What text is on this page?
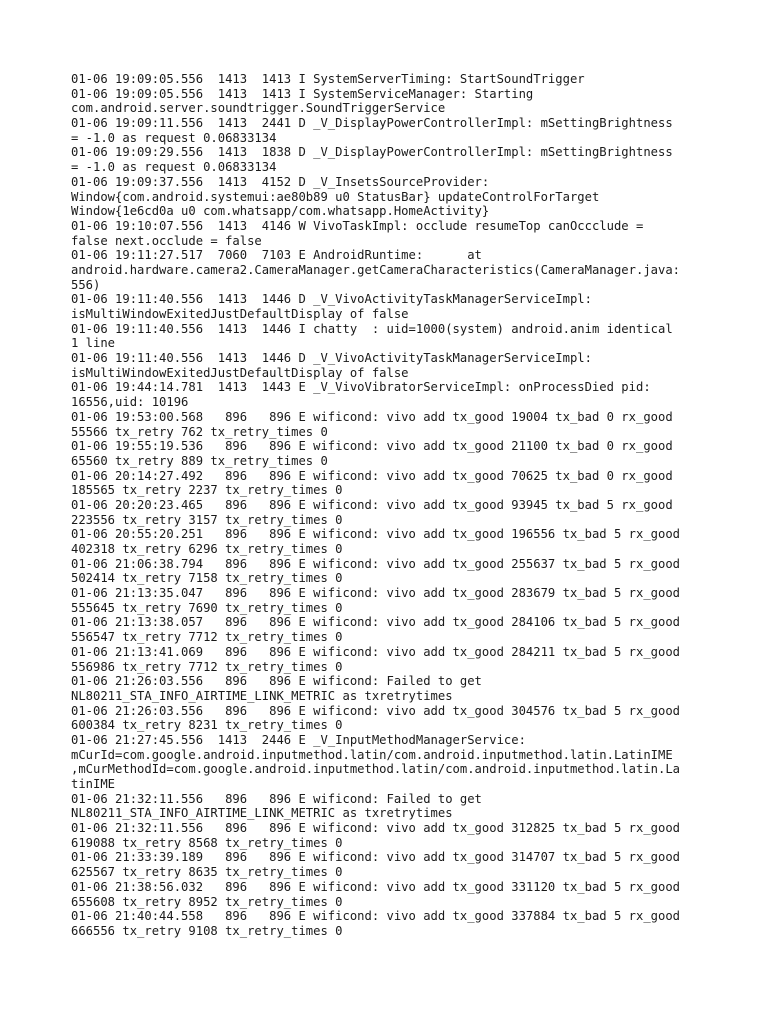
01-06 19:09:05.556  1413  1413 I SystemServerTiming: StartSoundTrigger
01-06 19:09:05.556  1413  1413 I SystemServiceManager: Starting
com.android.server.soundtrigger.SoundTriggerService
01-06 19:09:11.556  1413  2441 D _V_DisplayPowerControllerImpl: mSettingBrightness
= -1.0 as request 0.06833134
01-06 19:09:29.556  1413  1838 D _V_DisplayPowerControllerImpl: mSettingBrightness
= -1.0 as request 0.06833134
01-06 19:09:37.556  1413  4152 D _V_InsetsSourceProvider:
Window{com.android.systemui:ae80b89 u0 StatusBar} updateControlForTarget
Window{1e6cd0a u0 com.whatsapp/com.whatsapp.HomeActivity}
01-06 19:10:07.556  1413  4146 W VivoTaskImpl: occlude resumeTop canOccclude =
false next.occlude = false
01-06 19:11:27.517  7060  7103 E AndroidRuntime:      at
android.hardware.camera2.CameraManager.getCameraCharacteristics(CameraManager.java:
556)
01-06 19:11:40.556  1413  1446 D _V_VivoActivityTaskManagerServiceImpl:
isMultiWindowExitedJustDefaultDisplay of false
01-06 19:11:40.556  1413  1446 I chatty  : uid=1000(system) android.anim identical
1 line
01-06 19:11:40.556  1413  1446 D _V_VivoActivityTaskManagerServiceImpl:
isMultiWindowExitedJustDefaultDisplay of false
01-06 19:44:14.781  1413  1443 E _V_VivoVibratorServiceImpl: onProcessDied pid:
16556,uid: 10196
01-06 19:53:00.568   896   896 E wificond: vivo add tx_good 19004 tx_bad 0 rx_good
55566 tx_retry 762 tx_retry_times 0
01-06 19:55:19.536   896   896 E wificond: vivo add tx_good 21100 tx_bad 0 rx_good
65560 tx_retry 889 tx_retry_times 0
01-06 20:14:27.492   896   896 E wificond: vivo add tx_good 70625 tx_bad 0 rx_good
185565 tx_retry 2237 tx_retry_times 0
01-06 20:20:23.465   896   896 E wificond: vivo add tx_good 93945 tx_bad 5 rx_good
223556 tx_retry 3157 tx_retry_times 0
01-06 20:55:20.251   896   896 E wificond: vivo add tx_good 196556 tx_bad 5 rx_good
402318 tx_retry 6296 tx_retry_times 0
01-06 21:06:38.794   896   896 E wificond: vivo add tx_good 255637 tx_bad 5 rx_good
502414 tx_retry 7158 tx_retry_times 0
01-06 21:13:35.047   896   896 E wificond: vivo add tx_good 283679 tx_bad 5 rx_good
555645 tx_retry 7690 tx_retry_times 0
01-06 21:13:38.057   896   896 E wificond: vivo add tx_good 284106 tx_bad 5 rx_good
556547 tx_retry 7712 tx_retry_times 0
01-06 21:13:41.069   896   896 E wificond: vivo add tx_good 284211 tx_bad 5 rx_good
556986 tx_retry 7712 tx_retry_times 0
01-06 21:26:03.556   896   896 E wificond: Failed to get
NL80211_STA_INFO_AIRTIME_LINK_METRIC as txretrytimes
01-06 21:26:03.556   896   896 E wificond: vivo add tx_good 304576 tx_bad 5 rx_good
600384 tx_retry 8231 tx_retry_times 0
01-06 21:27:45.556  1413  2446 E _V_InputMethodManagerService:
mCurId=com.google.android.inputmethod.latin/com.android.inputmethod.latin.LatinIME
,mCurMethodId=com.google.android.inputmethod.latin/com.android.inputmethod.latin.La
tinIME
01-06 21:32:11.556   896   896 E wificond: Failed to get
NL80211_STA_INFO_AIRTIME_LINK_METRIC as txretrytimes
01-06 21:32:11.556   896   896 E wificond: vivo add tx_good 312825 tx_bad 5 rx_good
619088 tx_retry 8568 tx_retry_times 0
01-06 21:33:39.189   896   896 E wificond: vivo add tx_good 314707 tx_bad 5 rx_good
625567 tx_retry 8635 tx_retry_times 0
01-06 21:38:56.032   896   896 E wificond: vivo add tx_good 331120 tx_bad 5 rx_good
655608 tx_retry 8952 tx_retry_times 0
01-06 21:40:44.558   896   896 E wificond: vivo add tx_good 337884 tx_bad 5 rx_good
666556 tx_retry 9108 tx_retry_times 0
